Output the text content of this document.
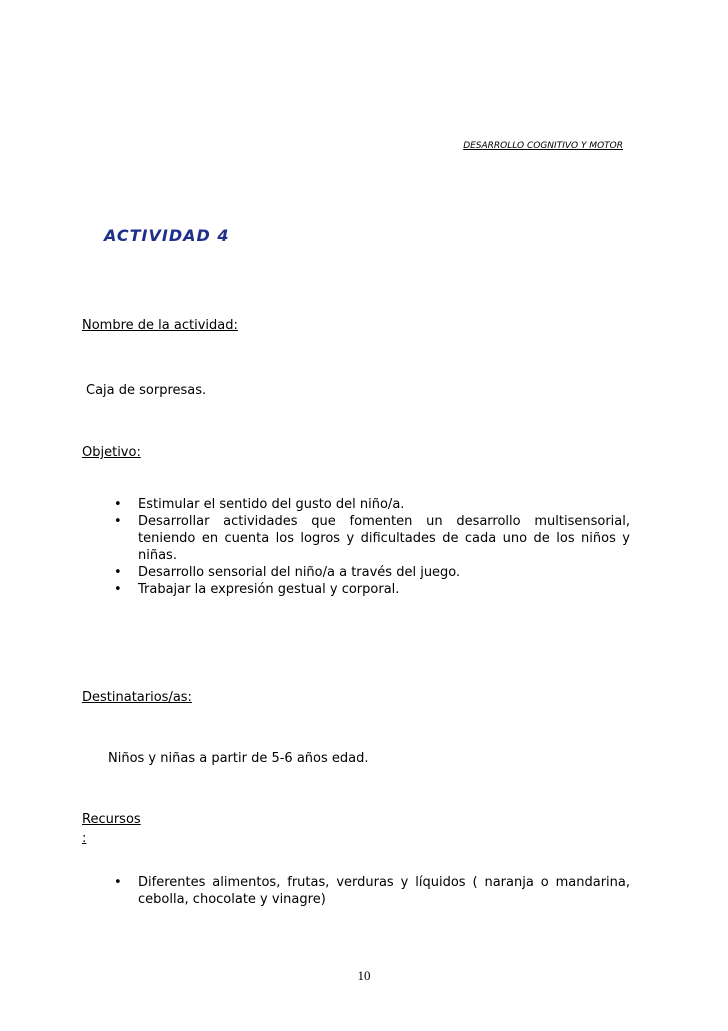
DESARROLLO COGNITIVO Y MOTOR
ACTIVIDAD 4
Nombre de la actividad:
Caja de sorpresas.
Objetivo:
• Estimular el sentido del gusto del niño/a.
• Desarrollar actividades que fomenten un desarrollo multisensorial, teniendo en cuenta los logros y dificultades de cada uno de los niños y niñas.
• Desarrollo sensorial del niño/a a través del juego.
• Trabajar la expresión gestual y corporal.
Destinatarios/as:
Niños y niñas a partir de 5-6 años edad.
Recursos
:
• Diferentes alimentos, frutas, verduras y líquidos ( naranja o mandarina, cebolla, chocolate y vinagre)
10
